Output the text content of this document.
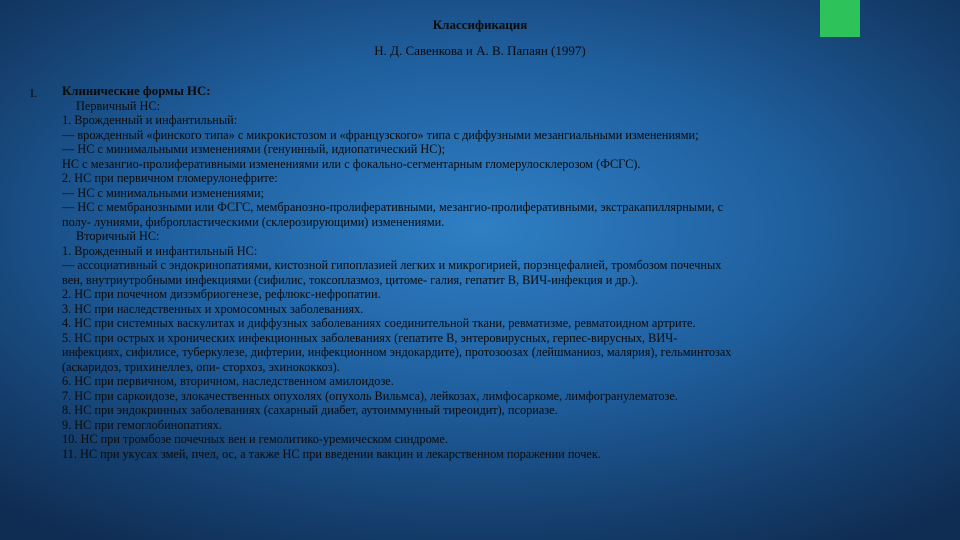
Классификация
Н. Д. Савенкова и А. В. Папаян (1997)
I. Клинические формы НС:
Первичный НС:
1. Врожденный и инфантильный:
— врожденный «финского типа» с микрокистозом и «французского» типа с диффузными мезангиальными изменениями;
— НС с минимальными изменениями (генуинный, идиопатический НС);
НС с мезангио-пролиферативными изменениями или с фокально-сегментарным гломерулосклерозом (ФСГС).
2. НС при первичном гломерулонефрите:
— НС с минимальными изменениями;
— НС с мембранозными или ФСГС, мембранозно-пролиферативными, мезангио-пролиферативными, экстракапиллярными, с
полу- луниями, фибропластическими (склерозирующими) изменениями.
Вторичный НС:
1. Врожденный и инфантильный НС:
— ассоциативный с эндокринопатиями, кистозной гипоплазией легких и микрогирией, порэнцефалией, тромбозом почечных
вен, внутриутробными инфекциями (сифилис, токсоплазмоз, цитоме- галия, гепатит В, ВИЧ-инфекция и др.).
2. НС при почечном дизэмбриогенезе, рефлюкс-нефропатии.
3. НС при наследственных и хромосомных заболеваниях.
4. НС при системных васкулитах и диффузных заболеваниях соединительной ткани, ревматизме, ревматоидном артрите.
5. НС при острых и хронических инфекционных заболеваниях (гепатите В, энтеровирусных, герпес-вирусных, ВИЧ-
инфекциях, сифилисе, туберкулезе, дифтерии, инфекционном эндокардите), протозоозах (лейшманиоз, малярия), гельминтозах
(аскаридоз, трихинеллез, опи- сторхоз, эхинококкоз).
6. НС при первичном, вторичном, наследственном амилоидозе.
7. НС при саркоидозе, злокачественных опухолях (опухоль Вильмса), лейкозах, лимфосаркоме, лимфогранулематозе.
8. НС при эндокринных заболеваниях (сахарный диабет, аутоиммунный тиреоидит), псориазе.
9. НС при гемоглобинопатиях.
10. НС при тромбозе почечных вен и гемолитико-уремическом синдроме.
11. НС при укусах змей, пчел, ос, а также НС при введении вакцин и лекарственном поражении почек.
